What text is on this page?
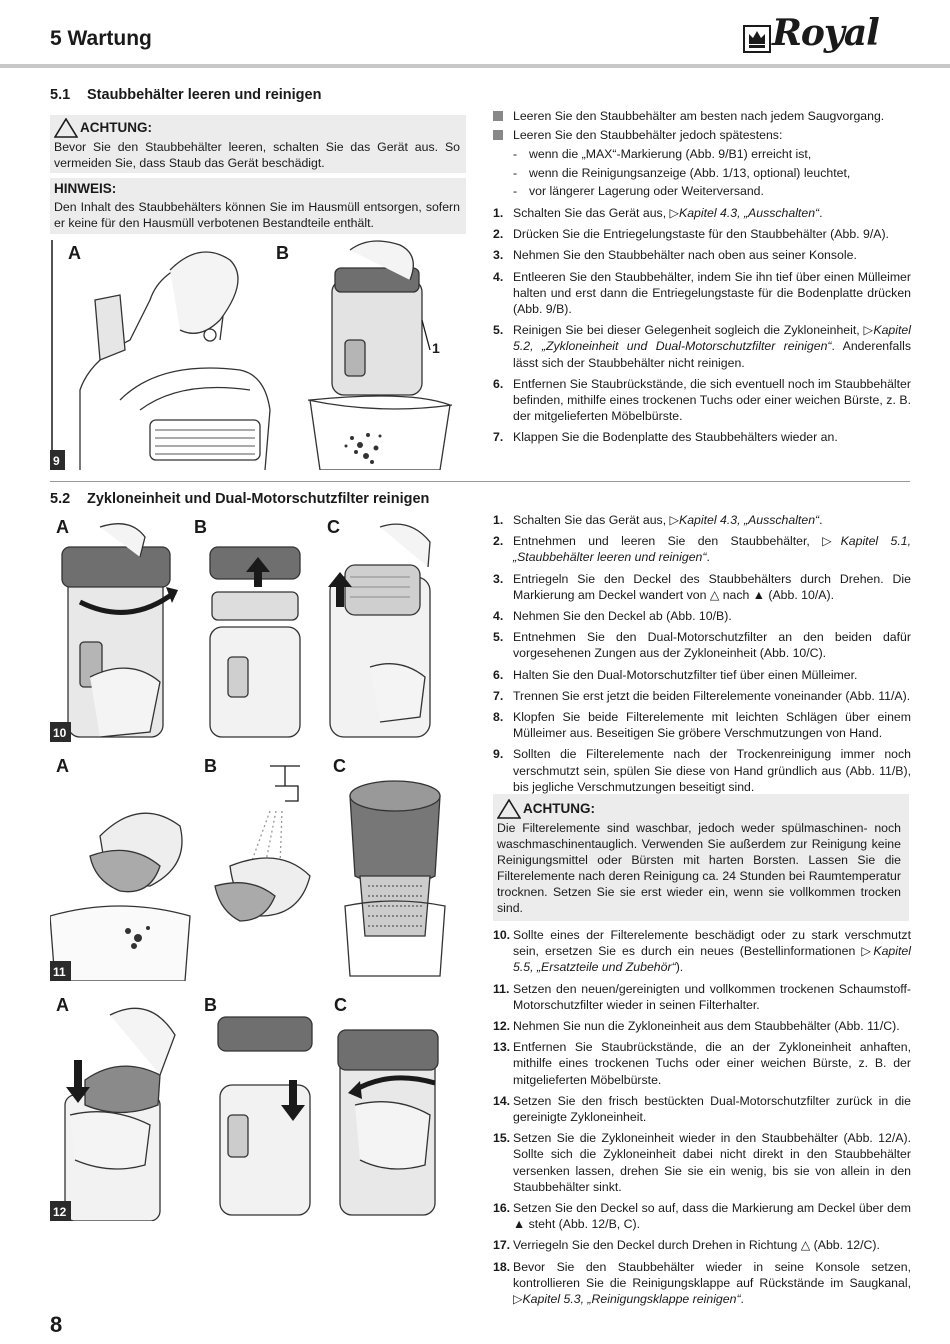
5 Wartung	Royal
5.1 Staubbehälter leeren und reinigen
ACHTUNG:
Bevor Sie den Staubbehälter leeren, schalten Sie das Gerät aus. So vermeiden Sie, dass Staub das Gerät beschädigt.
HINWEIS:
Den Inhalt des Staubbehälters können Sie im Hausmüll entsorgen, sofern er keine für den Hausmüll verbotenen Bestandteile enthält.
A	B
1
9
Leeren Sie den Staubbehälter am besten nach jedem Saugvorgang.
Leeren Sie den Staubbehälter jedoch spätestens:
- wenn die „MAX“-Markierung (Abb. 9/B1) erreicht ist,
- wenn die Reinigungsanzeige (Abb. 1/13, optional) leuchtet,
- vor längerer Lagerung oder Weiterversand.
1. Schalten Sie das Gerät aus, ▷Kapitel 4.3, „Ausschalten“.
2. Drücken Sie die Entriegelungstaste für den Staubbehälter (Abb. 9/A).
3. Nehmen Sie den Staubbehälter nach oben aus seiner Konsole.
4. Entleeren Sie den Staubbehälter, indem Sie ihn tief über einen Mülleimer halten und erst dann die Entriegelungstaste für die Bodenplatte drücken (Abb. 9/B).
5. Reinigen Sie bei dieser Gelegenheit sogleich die Zykloneinheit, ▷Kapitel 5.2, „Zykloneinheit und Dual-Motorschutzfilter reinigen“. Anderenfalls lässt sich der Staubbehälter nicht reinigen.
6. Entfernen Sie Staubrückstände, die sich eventuell noch im Staubbehälter befinden, mithilfe eines trockenen Tuchs oder einer weichen Bürste, z. B. der mitgelieferten Möbelbürste.
7. Klappen Sie die Bodenplatte des Staubbehälters wieder an.
5.2 Zykloneinheit und Dual-Motorschutzfilter reinigen
A	B	C
10
A	B	C
11
A	B	C
12
1. Schalten Sie das Gerät aus, ▷Kapitel 4.3, „Ausschalten“.
2. Entnehmen und leeren Sie den Staubbehälter, ▷Kapitel 5.1, „Staubbehälter leeren und reinigen“.
3. Entriegeln Sie den Deckel des Staubbehälters durch Drehen. Die Markierung am Deckel wandert von △ nach ▲ (Abb. 10/A).
4. Nehmen Sie den Deckel ab (Abb. 10/B).
5. Entnehmen Sie den Dual-Motorschutzfilter an den beiden dafür vorgesehenen Zungen aus der Zykloneinheit (Abb. 10/C).
6. Halten Sie den Dual-Motorschutzfilter tief über einen Mülleimer.
7. Trennen Sie erst jetzt die beiden Filterelemente voneinander (Abb. 11/A).
8. Klopfen Sie beide Filterelemente mit leichten Schlägen über einem Mülleimer aus. Beseitigen Sie gröbere Verschmutzungen von Hand.
9. Sollten die Filterelemente nach der Trockenreinigung immer noch verschmutzt sein, spülen Sie diese von Hand gründlich aus (Abb. 11/B), bis jegliche Verschmutzungen beseitigt sind.
ACHTUNG:
Die Filterelemente sind waschbar, jedoch weder spülmaschinen- noch waschmaschinentauglich. Verwenden Sie außerdem zur Reinigung keine Reinigungsmittel oder Bürsten mit harten Borsten. Lassen Sie die Filterelemente nach deren Reinigung ca. 24 Stunden bei Raumtemperatur trocknen. Setzen Sie sie erst wieder ein, wenn sie vollkommen trocken sind.
10. Sollte eines der Filterelemente beschädigt oder zu stark verschmutzt sein, ersetzen Sie es durch ein neues (Bestellinformationen ▷Kapitel 5.5, „Ersatzteile und Zubehör“).
11. Setzen den neuen/gereinigten und vollkommen trockenen Schaumstoff-Motorschutzfilter wieder in seinen Filterhalter.
12. Nehmen Sie nun die Zykloneinheit aus dem Staubbehälter (Abb. 11/C).
13. Entfernen Sie Staubrückstände, die an der Zykloneinheit anhaften, mithilfe eines trockenen Tuchs oder einer weichen Bürste, z. B. der mitgelieferten Möbelbürste.
14. Setzen Sie den frisch bestückten Dual-Motorschutzfilter zurück in die gereinigte Zykloneinheit.
15. Setzen Sie die Zykloneinheit wieder in den Staubbehälter (Abb. 12/A). Sollte sich die Zykloneinheit dabei nicht direkt in den Staubbehälter versenken lassen, drehen Sie sie ein wenig, bis sie von allein in den Staubbehälter sinkt.
16. Setzen Sie den Deckel so auf, dass die Markierung am Deckel über dem ▲ steht (Abb. 12/B, C).
17. Verriegeln Sie den Deckel durch Drehen in Richtung △ (Abb. 12/C).
18. Bevor Sie den Staubbehälter wieder in seine Konsole setzen, kontrollieren Sie die Reinigungsklappe auf Rückstände im Saugkanal, ▷Kapitel 5.3, „Reinigungsklappe reinigen“.
8
